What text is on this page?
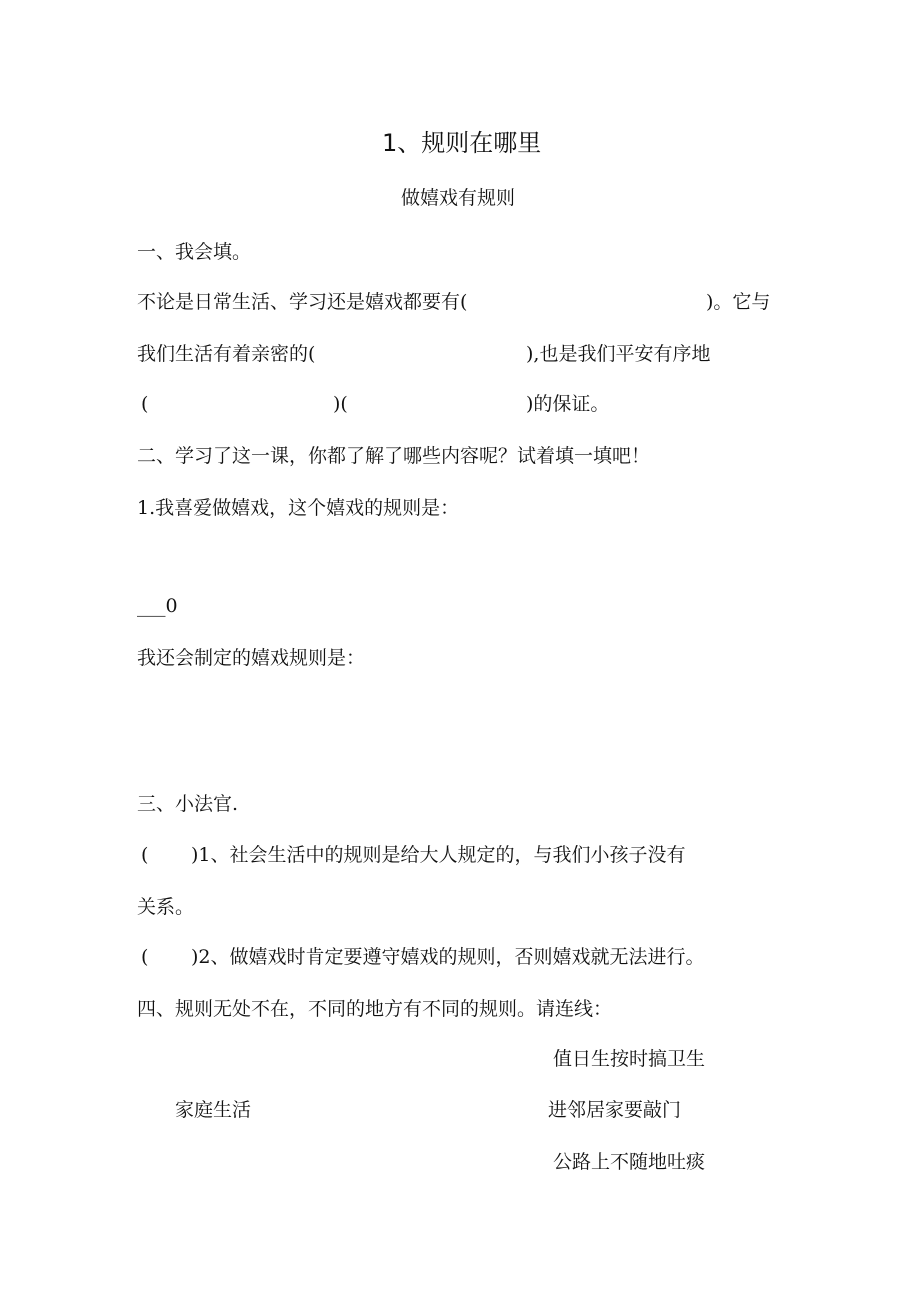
1、规则在哪里
做嬉戏有规则
一、我会填。
不论是日常生活、学习还是嬉戏都要有(	)。它与
我们生活有着亲密的(	),也是我们平安有序地
(	)(	)的保证。
二、学习了这一课，你都了解了哪些内容呢？试着填一填吧！
1.我喜爱做嬉戏，这个嬉戏的规则是：
___0
我还会制定的嬉戏规则是：
三、小法官.
( )1、社会生活中的规则是给大人规定的，与我们小孩子没有
关系。
( )2、做嬉戏时肯定要遵守嬉戏的规则，否则嬉戏就无法进行。
四、规则无处不在，不同的地方有不同的规则。请连线：
家庭生活
值日生按时搞卫生
进邻居家要敲门
公路上不随地吐痰
